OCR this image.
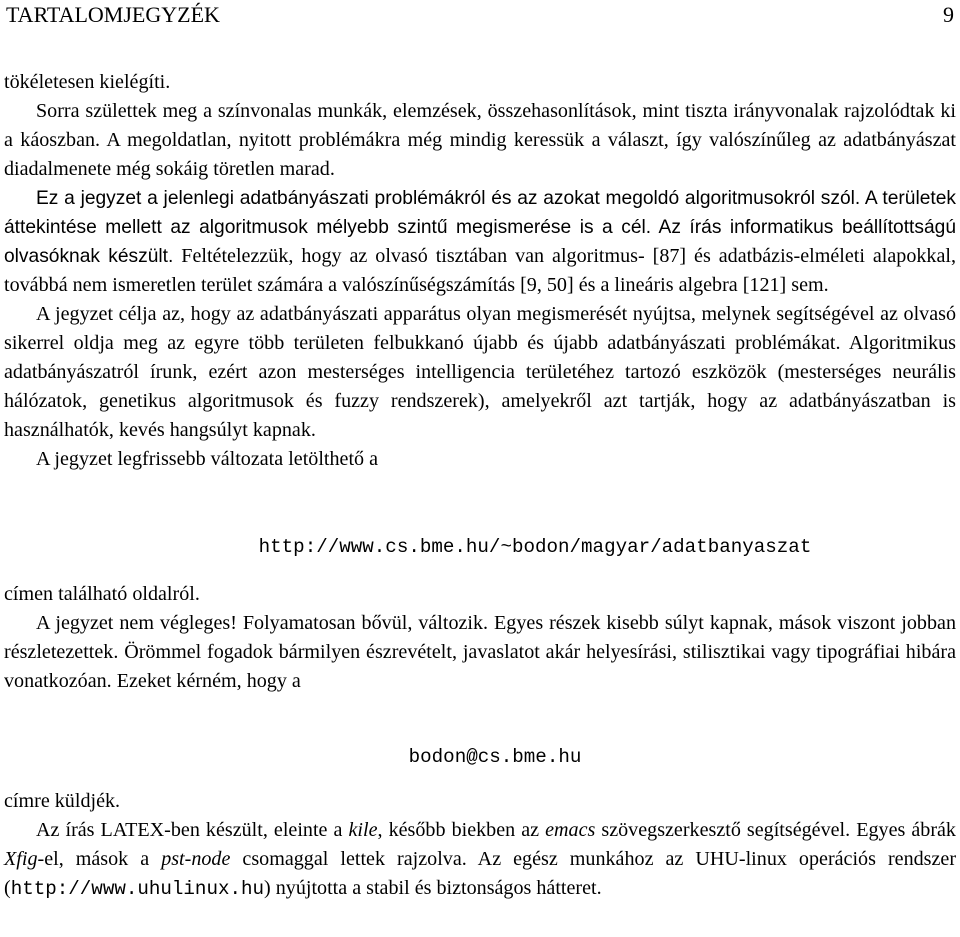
TARTALOMJEGYZÉK	9

tökéletesen kielégíti.

Sorra születtek meg a színvonalas munkák, elemzések, összehasonlítások, mint tiszta irányvonalak rajzolódtak ki a káoszban. A megoldatlan, nyitott problémákra még mindig keressük a választ, így valószínűleg az adatbányászat diadalmenete még sokáig töretlen marad.

Ez a jegyzet a jelenlegi adatbányászati problémákról és az azokat megoldó algoritmusokról szól. A területek áttekintése mellett az algoritmusok mélyebb szintű megismerése is a cél. Az írás informatikus beállítottságú olvasóknak készült. Feltételezzük, hogy az olvasó tisztában van algoritmus- [87] és adatbázis-elméleti alapokkal, továbbá nem ismeretlen terület számára a valószínűségszámítás [9, 50] és a lineáris algebra [121] sem.

A jegyzet célja az, hogy az adatbányászati apparátus olyan megismerését nyújtsa, melynek segítségével az olvasó sikerrel oldja meg az egyre több területen felbukkanó újabb és újabb adatbányászati problémákat. Algoritmikus adatbányászatról írunk, ezért azon mesterséges intelligencia területéhez tartozó eszközök (mesterséges neurális hálózatok, genetikus algoritmusok és fuzzy rendszerek), amelyekről azt tartják, hogy az adatbányászatban is használhatók, kevés hangsúlyt kapnak.

A jegyzet legfrissebb változata letölthető a

http://www.cs.bme.hu/~bodon/magyar/adatbanyaszat

címen található oldalról.

A jegyzet nem végleges! Folyamatosan bővül, változik. Egyes részek kisebb súlyt kapnak, mások viszont jobban részletezettek. Örömmel fogadok bármilyen észrevételt, javaslatot akár helyesírási, stilisztikai vagy tipográfiai hibára vonatkozóan. Ezeket kérném, hogy a

bodon@cs.bme.hu

címre küldjék.

Az írás LATEX-ben készült, eleinte a kile, később biekben az emacs szövegszerkesztő segítségével. Egyes ábrák Xfig-el, mások a pst-node csomaggal lettek rajzolva. Az egész munkához az UHU-linux operációs rendszer (http://www.uhulinux.hu) nyújtotta a stabil és biztonságos hátteret.
